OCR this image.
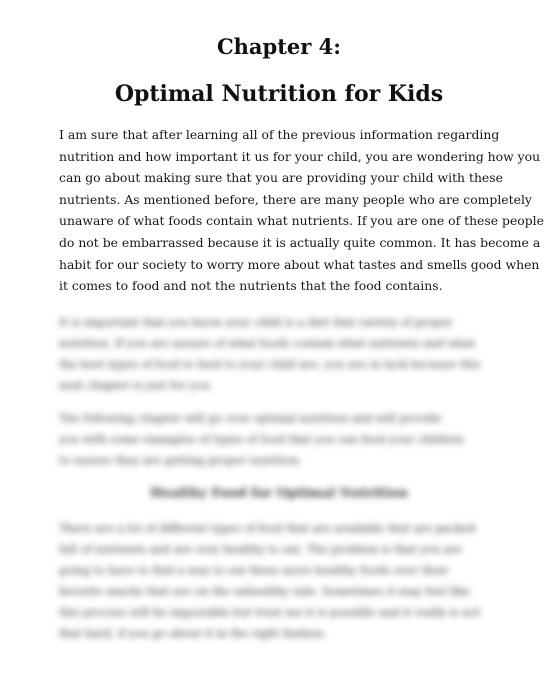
Chapter 4:
Optimal Nutrition for Kids

I am sure that after learning all of the previous information regarding
nutrition and how important it us for your child, you are wondering how you
can go about making sure that you are providing your child with these
nutrients. As mentioned before, there are many people who are completely
unaware of what foods contain what nutrients. If you are one of these people
do not be embarrassed because it is actually quite common. It has become a
habit for our society to worry more about what tastes and smells good when
it comes to food and not the nutrients that the food contains.

It is important that you know your child is a diet that variety of proper
nutrition. If you are unsure of what foods contain what nutrients and what
the best types of food to feed to your child are, you are in luck because this
next chapter is just for you.

The following chapter will go over optimal nutrition and will provide
you with some examples of types of food that you can feed your children
to ensure they are getting proper nutrition.

Healthy Food for Optimal Nutrition

There are a lot of different types of food that are available that are packed
full of nutrients and are very healthy to eat. The problem is that you are
going to have to find a way to eat these more healthy foods over their
favorite snacks that are on the unhealthy side. Sometimes it may feel like
this process will be impossible but trust me it is possible and it really is not
that hard, if you go about it in the right fashion.
